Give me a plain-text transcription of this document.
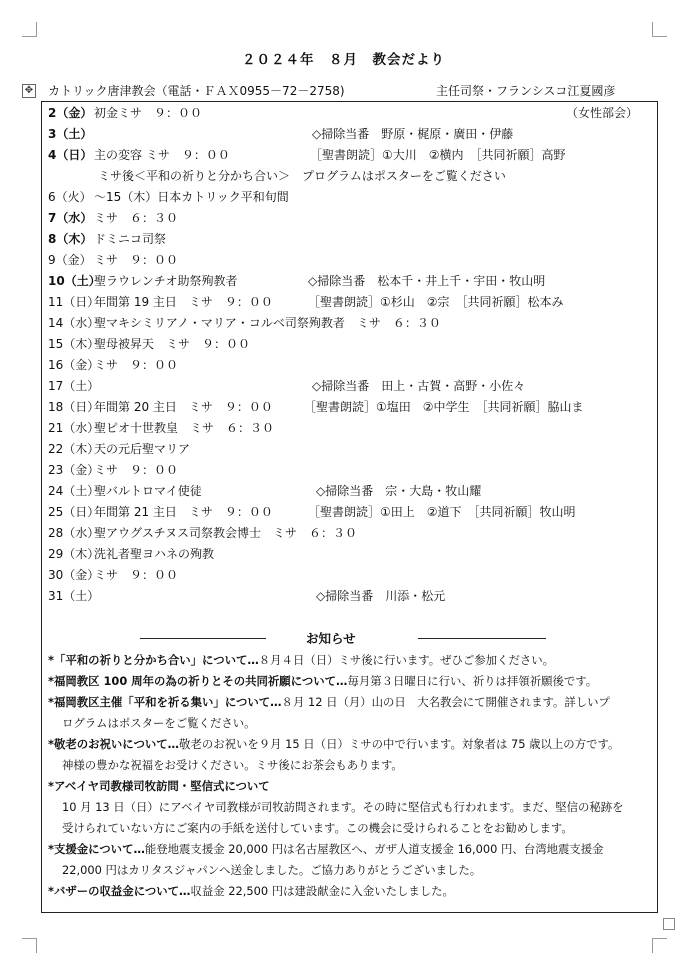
２０２４年　８月　教会だより
✥ カトリック唐津教会（電話・ＦＡＸ0955－72－2758)	主任司祭・フランシスコ江夏國彦
2（金） 初金ミサ　９：００	（女性部会）
3（土）	◇掃除当番　野原・梶原・廣田・伊藤
4（日） 主の変容 ミサ　９：００	［聖書朗読］①大川　②横内　［共同祈願］高野
ミサ後＜平和の祈りと分かち合い＞　プログラムはポスターをご覧ください
6（火） ～15（木）日本カトリック平和旬間
7（水） ミサ　６：３０
8（木） ドミニコ司祭
9（金） ミサ　９：００
10（土）聖ラウレンチオ助祭殉教者	◇掃除当番　松本千・井上千・宇田・牧山明
11（日）年間第 19 主日　ミサ　９：００	［聖書朗読］①杉山　②宗　［共同祈願］松本み
14（水）聖マキシミリアノ・マリア・コルベ司祭殉教者　ミサ　６：３０
15（木）聖母被昇天　ミサ　９：００
16（金）ミサ　９：００
17（土）	◇掃除当番　田上・古賀・高野・小佐々
18（日）年間第 20 主日　ミサ　９：００	［聖書朗読］①塩田　②中学生　［共同祈願］脇山ま
21（水）聖ピオ十世教皇　ミサ　６：３０
22（木）天の元后聖マリア
23（金）ミサ　９：００
24（土）聖バルトロマイ使徒	◇掃除当番　宗・大島・牧山耀
25（日）年間第 21 主日　ミサ　９：００	［聖書朗読］①田上　②道下　［共同祈願］牧山明
28（水）聖アウグスチヌス司祭教会博士　ミサ　６：３０
29（木）洗礼者聖ヨハネの殉教
30（金）ミサ　９：００
31（土）	◇掃除当番　川添・松元
お知らせ
*「平和の祈りと分かち合い」について…８月４日（日）ミサ後に行います。ぜひご参加ください。
*福岡教区 100 周年の為の祈りとその共同祈願について…毎月第３日曜日に行い、祈りは拝領祈願後です。
*福岡教区主催「平和を祈る集い」について…８月 12 日（月）山の日　大名教会にて開催されます。詳しいプ
ログラムはポスターをご覧ください。
*敬老のお祝いについて…敬老のお祝いを９月 15 日（日）ミサの中で行います。対象者は 75 歳以上の方です。
神様の豊かな祝福をお受けください。ミサ後にお茶会もあります。
*アベイヤ司教様司牧訪問・堅信式について
10 月 13 日（日）にアベイヤ司教様が司牧訪問されます。その時に堅信式も行われます。まだ、堅信の秘跡を
受けられていない方にご案内の手紙を送付しています。この機会に受けられることをお勧めします。
*支援金について…能登地震支援金 20,000 円は名古屋教区へ、ガザ人道支援金 16,000 円、台湾地震支援金
22,000 円はカリタスジャパンへ送金しました。ご協力ありがとうございました。
*バザーの収益金について…収益金 22,500 円は建設献金に入金いたしました。
